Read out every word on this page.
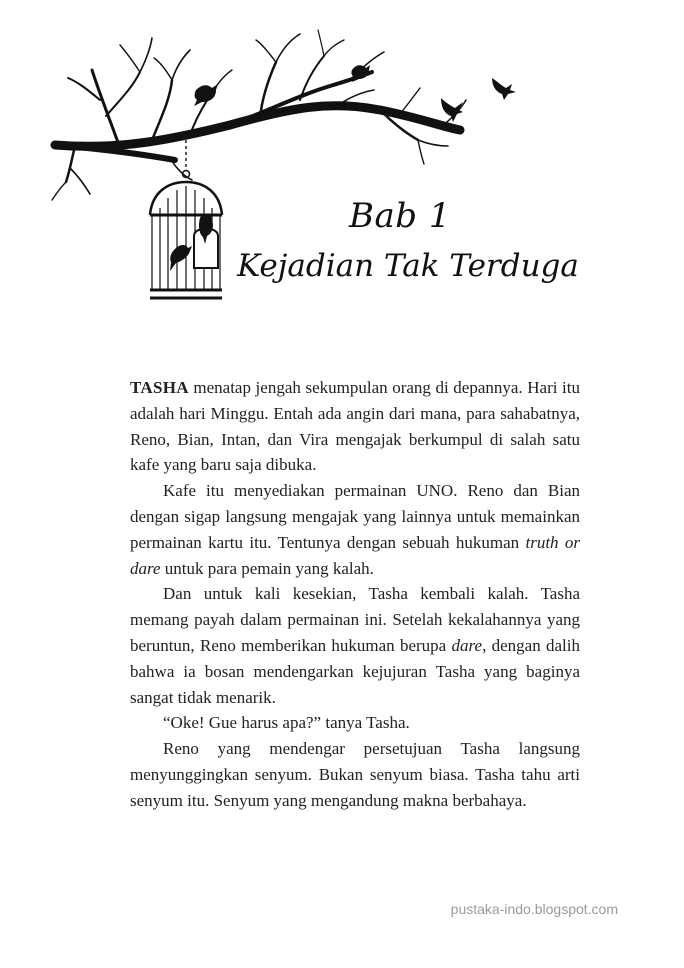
Bab 1
Kejadian Tak Terduga

TASHA menatap jengah sekumpulan orang di depannya. Hari itu adalah hari Minggu. Entah ada angin dari mana, para sahabatnya, Reno, Bian, Intan, dan Vira mengajak berkumpul di salah satu kafe yang baru saja dibuka.

Kafe itu menyediakan permainan UNO. Reno dan Bian dengan sigap langsung mengajak yang lainnya untuk memainkan permainan kartu itu. Tentunya dengan sebuah hukuman truth or dare untuk para pemain yang kalah.

Dan untuk kali kesekian, Tasha kembali kalah. Tasha memang payah dalam permainan ini. Setelah kekalahannya yang beruntun, Reno memberikan hukuman berupa dare, dengan dalih bahwa ia bosan mendengarkan kejujuran Tasha yang baginya sangat tidak menarik.

“Oke! Gue harus apa?” tanya Tasha.

Reno yang mendengar persetujuan Tasha langsung menyunggingkan senyum. Bukan senyum biasa. Tasha tahu arti senyum itu. Senyum yang mengandung makna berbahaya.

pustaka-indo.blogspot.com
